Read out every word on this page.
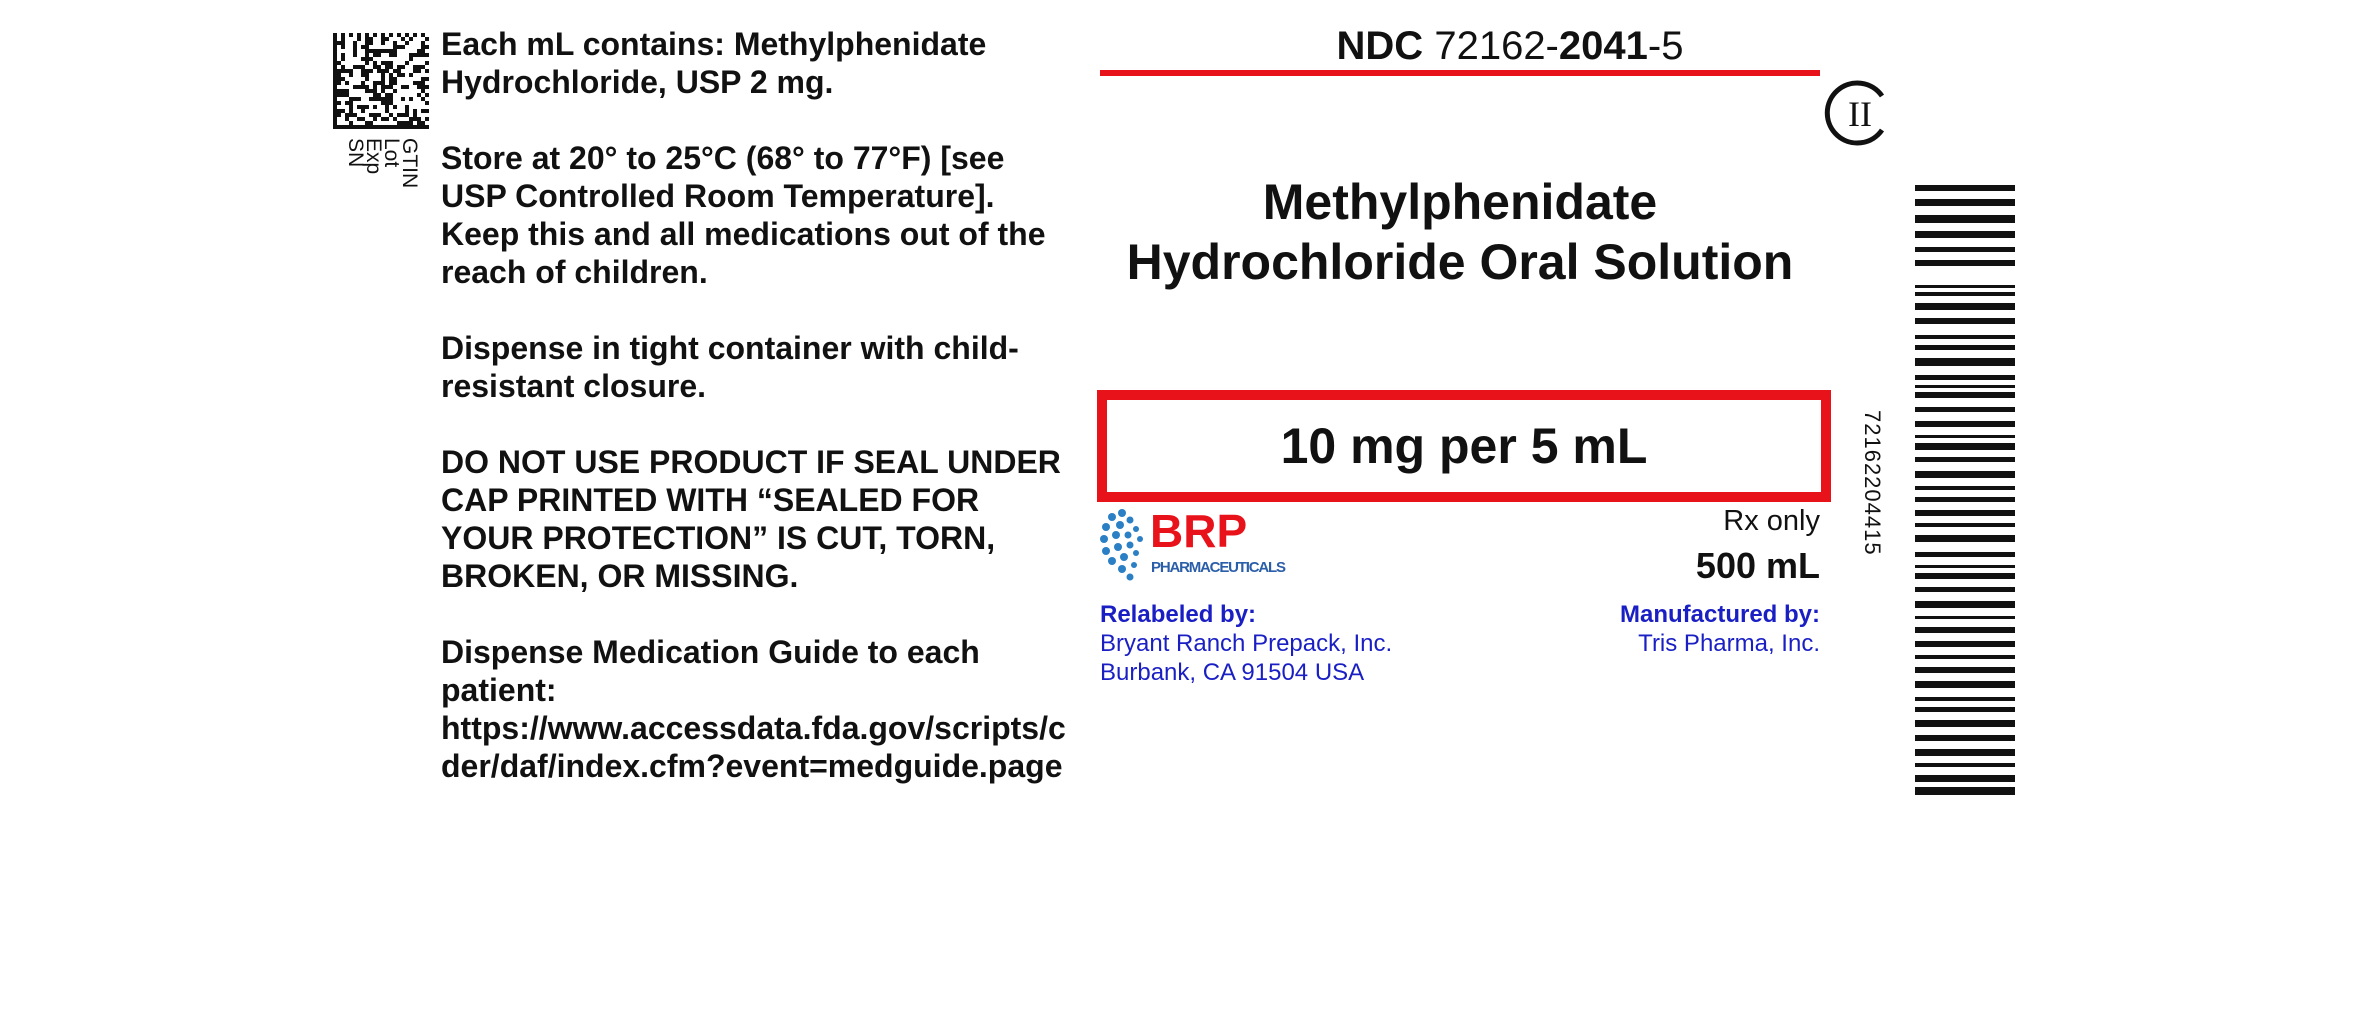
GTIN
Lot
Exp
SN
Each mL contains: Methylphenidate
Hydrochloride, USP 2 mg.
Store at 20° to 25°C (68° to 77°F) [see
USP Controlled Room Temperature].
Keep this and all medications out of the
reach of children.
Dispense in tight container with child-
resistant closure.
DO NOT USE PRODUCT IF SEAL UNDER
CAP PRINTED WITH “SEALED FOR
YOUR PROTECTION” IS CUT, TORN,
BROKEN, OR MISSING.
Dispense Medication Guide to each
patient:
https://www.accessdata.fda.gov/scripts/c
der/daf/index.cfm?event=medguide.page
NDC 72162-2041-5
II
Methylphenidate
Hydrochloride Oral Solution
10 mg per 5 mL
BRP
PHARMACEUTICALS
Rx only
500 mL
Relabeled by:
Bryant Ranch Prepack, Inc.
Burbank, CA 91504 USA
Manufactured by:
Tris Pharma, Inc.
72162204415
